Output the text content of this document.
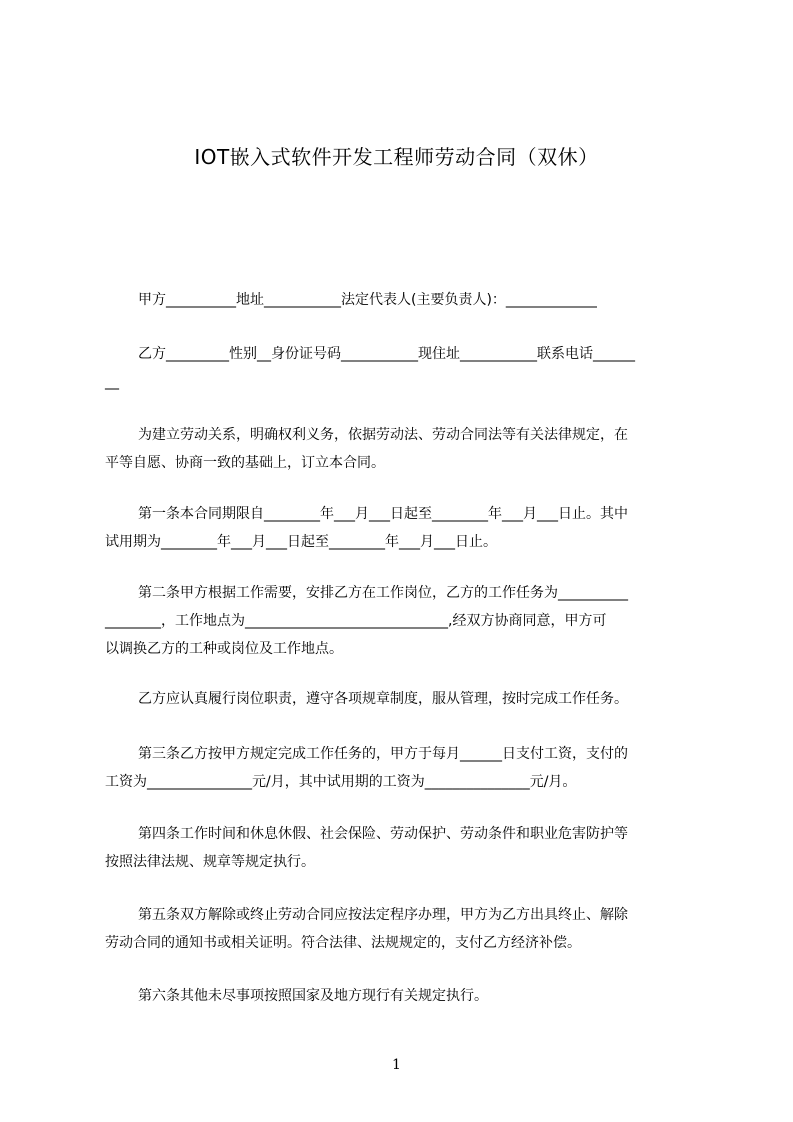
IOT嵌入式软件开发工程师劳动合同（双休）

甲方__________地址___________法定代表人(主要负责人)：_____________

乙方_________性别__身份证号码___________现住址___________联系电话______
__

为建立劳动关系，明确权利义务，依据劳动法、劳动合同法等有关法律规定，在
平等自愿、协商一致的基础上，订立本合同。

第一条本合同期限自________年___月___日起至________年___月___日止。其中
试用期为________年___月___日起至________年___月___日止。

第二条甲方根据工作需要，安排乙方在工作岗位，乙方的工作任务为__________
________，工作地点为_____________________________,经双方协商同意，甲方可
以调换乙方的工种或岗位及工作地点。

乙方应认真履行岗位职责，遵守各项规章制度，服从管理，按时完成工作任务。

第三条乙方按甲方规定完成工作任务的，甲方于每月______日支付工资，支付的
工资为_______________元/月，其中试用期的工资为_______________元/月。

第四条工作时间和休息休假、社会保险、劳动保护、劳动条件和职业危害防护等
按照法律法规、规章等规定执行。

第五条双方解除或终止劳动合同应按法定程序办理，甲方为乙方出具终止、解除
劳动合同的通知书或相关证明。符合法律、法规规定的，支付乙方经济补偿。

第六条其他未尽事项按照国家及地方现行有关规定执行。

1
